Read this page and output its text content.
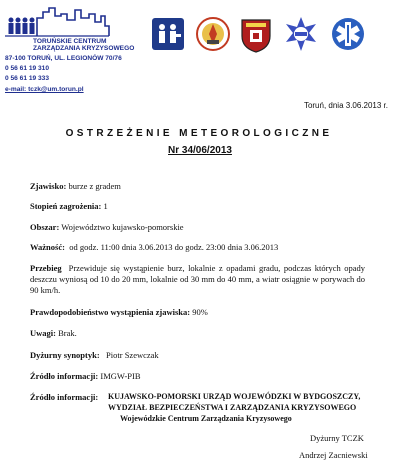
TORUŃSKIE CENTRUM
ZARZĄDZANIA KRYZYSOWEGO
87-100 TORUŃ, UL. LEGIONÓW 70/76
0 56 61 19 310
0 56 61 19 333
e-mail: tczk@um.torun.pl
Toruń, dnia 3.06.2013 r.
OSTRZEŻENIE METEOROLOGICZNE
Nr 34/06/2013
Zjawisko: burze z gradem
Stopień zagrożenia: 1
Obszar: Województwo kujawsko-pomorskie
Ważność: od godz. 11:00 dnia 3.06.2013 do godz. 23:00 dnia 3.06.2013
Przebieg Przewiduje się wystąpienie burz, lokalnie z opadami gradu, podczas których opady deszczu wyniosą od 10 do 20 mm, lokalnie od 30 mm do 40 mm, a wiatr osiągnie w porywach do 90 km/h.
Prawdopodobieństwo wystąpienia zjawiska: 90%
Uwagi: Brak.
Dyżurny synoptyk: Piotr Szewczak
Źródło informacji: IMGW-PIB
Źródło informacji: KUJAWSKO-POMORSKI URZĄD WOJEWÓDZKI W BYDGOSZCZY,
WYDZIAŁ BEZPIECZEŃSTWA I ZARZĄDZANIA KRYZYSOWEGO
Wojewódzkie Centrum Zarządzania Kryzysowego
Dyżurny TCZK
Andrzej Zacniewski
